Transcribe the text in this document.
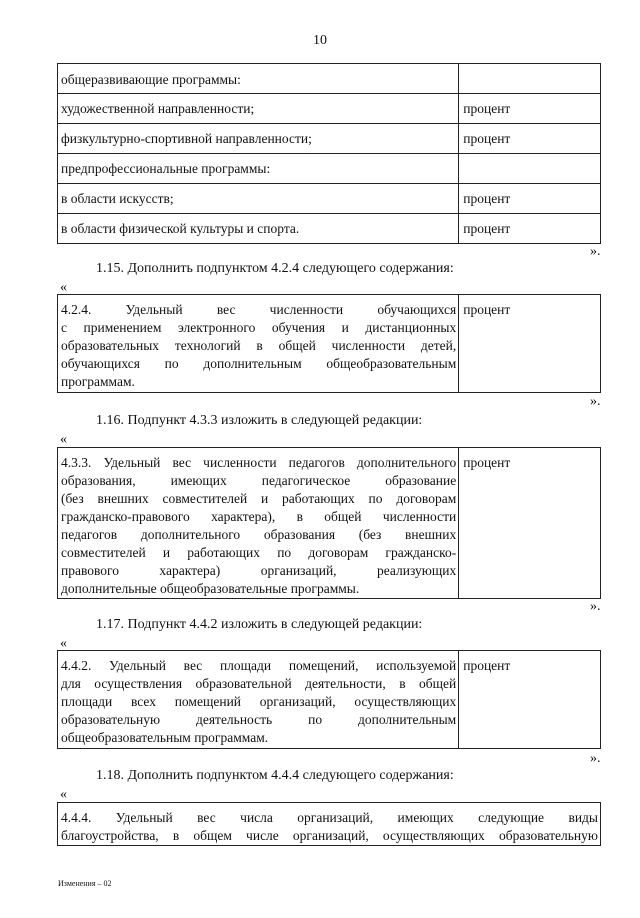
10
общеразвивающие программы:	
художественной направленности;	процент
физкультурно-спортивной направленности;	процент
предпрофессиональные программы:	
в области искусств;	процент
в области физической культуры и спорта.	процент
».
1.15. Дополнить подпунктом 4.2.4 следующего содержания:
«
4.2.4. Удельный вес численности обучающихся
с применением электронного обучения и дистанционных
образовательных технологий в общей численности детей,
обучающихся по дополнительным общеобразовательным
программам.
	процент
».
1.16. Подпункт 4.3.3 изложить в следующей редакции:
«
4.3.3. Удельный вес численности педагогов дополнительного
образования, имеющих педагогическое образование
(без внешних совместителей и работающих по договорам
гражданско-правового характера), в общей численности
педагогов дополнительного образования (без внешних
совместителей и работающих по договорам гражданско-
правового характера) организаций, реализующих
дополнительные общеобразовательные программы.
	процент
».
1.17. Подпункт 4.4.2 изложить в следующей редакции:
«
4.4.2. Удельный вес площади помещений, используемой
для осуществления образовательной деятельности, в общей
площади всех помещений организаций, осуществляющих
образовательную деятельность по дополнительным
общеобразовательным программам.
	процент
».
1.18. Дополнить подпунктом 4.4.4 следующего содержания:
«
4.4.4. Удельный вес числа организаций, имеющих следующие виды
благоустройства, в общем числе организаций, осуществляющих образовательную
Изменения – 02
